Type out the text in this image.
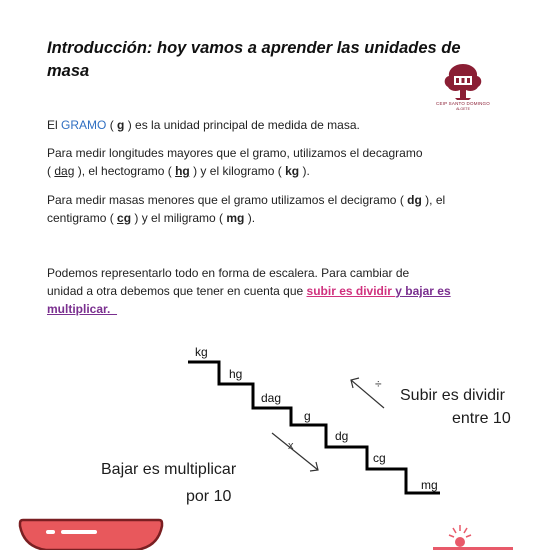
Introducción: hoy vamos a aprender las unidades de masa
CEIP SANTO DOMINGO
ALGETE
El GRAMO ( g ) es la unidad principal de medida de masa.
Para medir longitudes mayores que el gramo, utilizamos el decagramo
( dag ), el hectogramo ( hg ) y el kilogramo ( kg ).
Para medir masas menores que el gramo utilizamos el decigramo ( dg ), el
centigramo ( cg ) y el miligramo ( mg ).
Podemos representarlo todo en forma de escalera. Para cambiar de
unidad a otra debemos que tener en cuenta que subir es dividir y bajar es
multiplicar.
kg
hg
dag
g
dg
cg
mg
÷
x
Subir es dividir
entre 10
Bajar es multiplicar
por 10
